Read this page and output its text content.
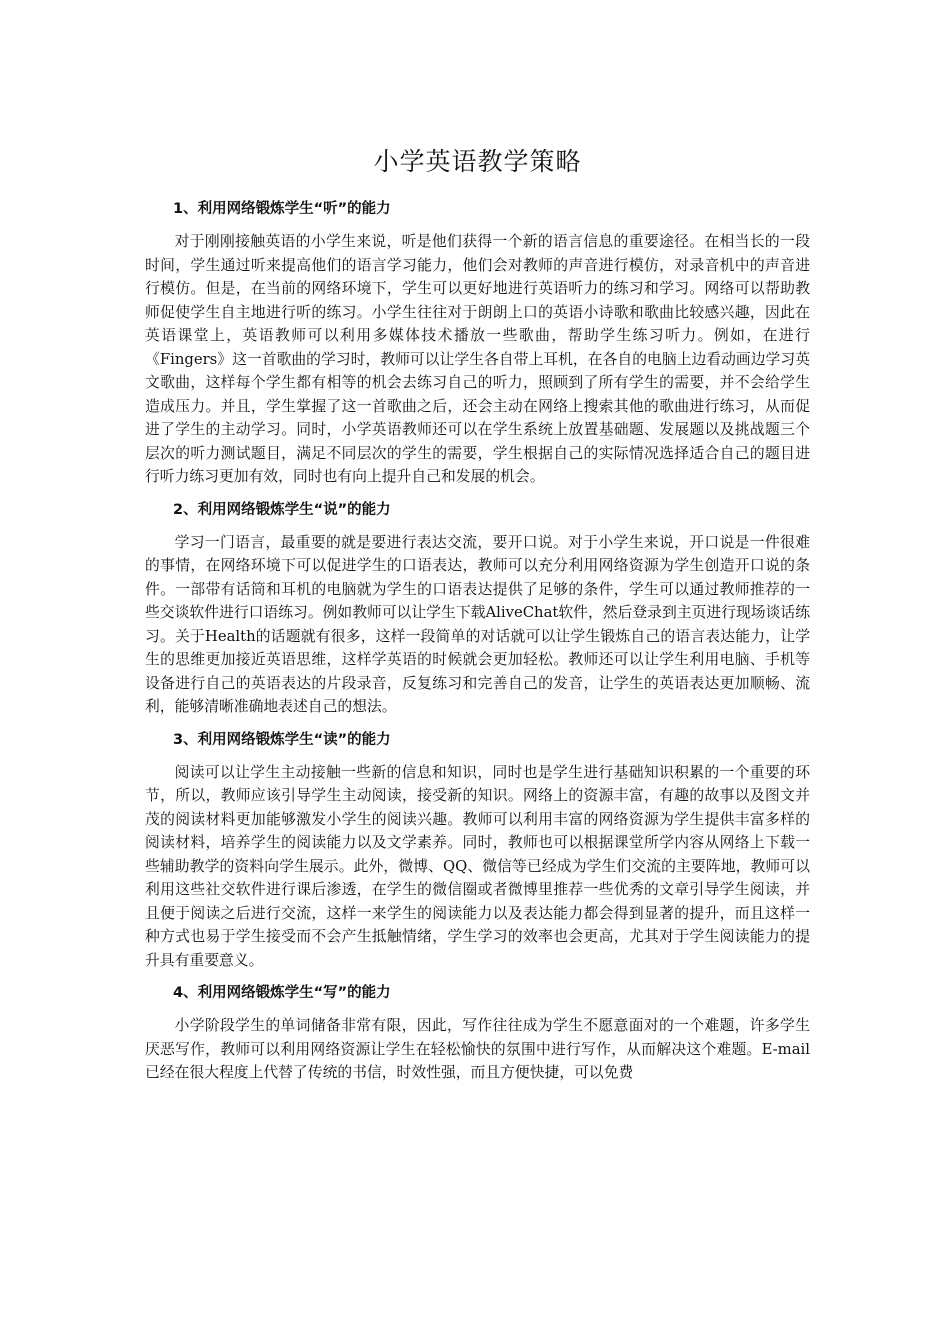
小学英语教学策略
1、利用网络锻炼学生“听”的能力

对于刚刚接触英语的小学生来说，听是他们获得一个新的语言信息的重要途径。在相当长的一段时间，学生通过听来提高他们的语言学习能力，他们会对教师的声音进行模仿，对录音机中的声音进行模仿。但是，在当前的网络环境下，学生可以更好地进行英语听力的练习和学习。网络可以帮助教师促使学生自主地进行听的练习。小学生往往对于朗朗上口的英语小诗歌和歌曲比较感兴趣，因此在英语课堂上，英语教师可以利用多媒体技术播放一些歌曲，帮助学生练习听力。例如，在进行《Fingers》这一首歌曲的学习时，教师可以让学生各自带上耳机，在各自的电脑上边看动画边学习英文歌曲，这样每个学生都有相等的机会去练习自己的听力，照顾到了所有学生的需要，并不会给学生造成压力。并且，学生掌握了这一首歌曲之后，还会主动在网络上搜索其他的歌曲进行练习，从而促进了学生的主动学习。同时，小学英语教师还可以在学生系统上放置基础题、发展题以及挑战题三个层次的听力测试题目，满足不同层次的学生的需要，学生根据自己的实际情况选择适合自己的题目进行听力练习更加有效，同时也有向上提升自己和发展的机会。

2、利用网络锻炼学生“说”的能力

学习一门语言，最重要的就是要进行表达交流，要开口说。对于小学生来说，开口说是一件很难的事情，在网络环境下可以促进学生的口语表达，教师可以充分利用网络资源为学生创造开口说的条件。一部带有话筒和耳机的电脑就为学生的口语表达提供了足够的条件，学生可以通过教师推荐的一些交谈软件进行口语练习。例如教师可以让学生下载AliveChat软件，然后登录到主页进行现场谈话练习。关于Health的话题就有很多，这样一段简单的对话就可以让学生锻炼自己的语言表达能力，让学生的思维更加接近英语思维，这样学英语的时候就会更加轻松。教师还可以让学生利用电脑、手机等设备进行自己的英语表达的片段录音，反复练习和完善自己的发音，让学生的英语表达更加顺畅、流利，能够清晰准确地表述自己的想法。

3、利用网络锻炼学生“读”的能力

阅读可以让学生主动接触一些新的信息和知识，同时也是学生进行基础知识积累的一个重要的环节，所以，教师应该引导学生主动阅读，接受新的知识。网络上的资源丰富，有趣的故事以及图文并茂的阅读材料更加能够激发小学生的阅读兴趣。教师可以利用丰富的网络资源为学生提供丰富多样的阅读材料，培养学生的阅读能力以及文学素养。同时，教师也可以根据课堂所学内容从网络上下载一些辅助教学的资料向学生展示。此外，微博、QQ、微信等已经成为学生们交流的主要阵地，教师可以利用这些社交软件进行课后渗透，在学生的微信圈或者微博里推荐一些优秀的文章引导学生阅读，并且便于阅读之后进行交流，这样一来学生的阅读能力以及表达能力都会得到显著的提升，而且这样一种方式也易于学生接受而不会产生抵触情绪，学生学习的效率也会更高，尤其对于学生阅读能力的提升具有重要意义。

4、利用网络锻炼学生“写”的能力

小学阶段学生的单词储备非常有限，因此，写作往往成为学生不愿意面对的一个难题，许多学生厌恶写作，教师可以利用网络资源让学生在轻松愉快的氛围中进行写作，从而解决这个难题。E-mail已经在很大程度上代替了传统的书信，时效性强，而且方便快捷，可以免费
